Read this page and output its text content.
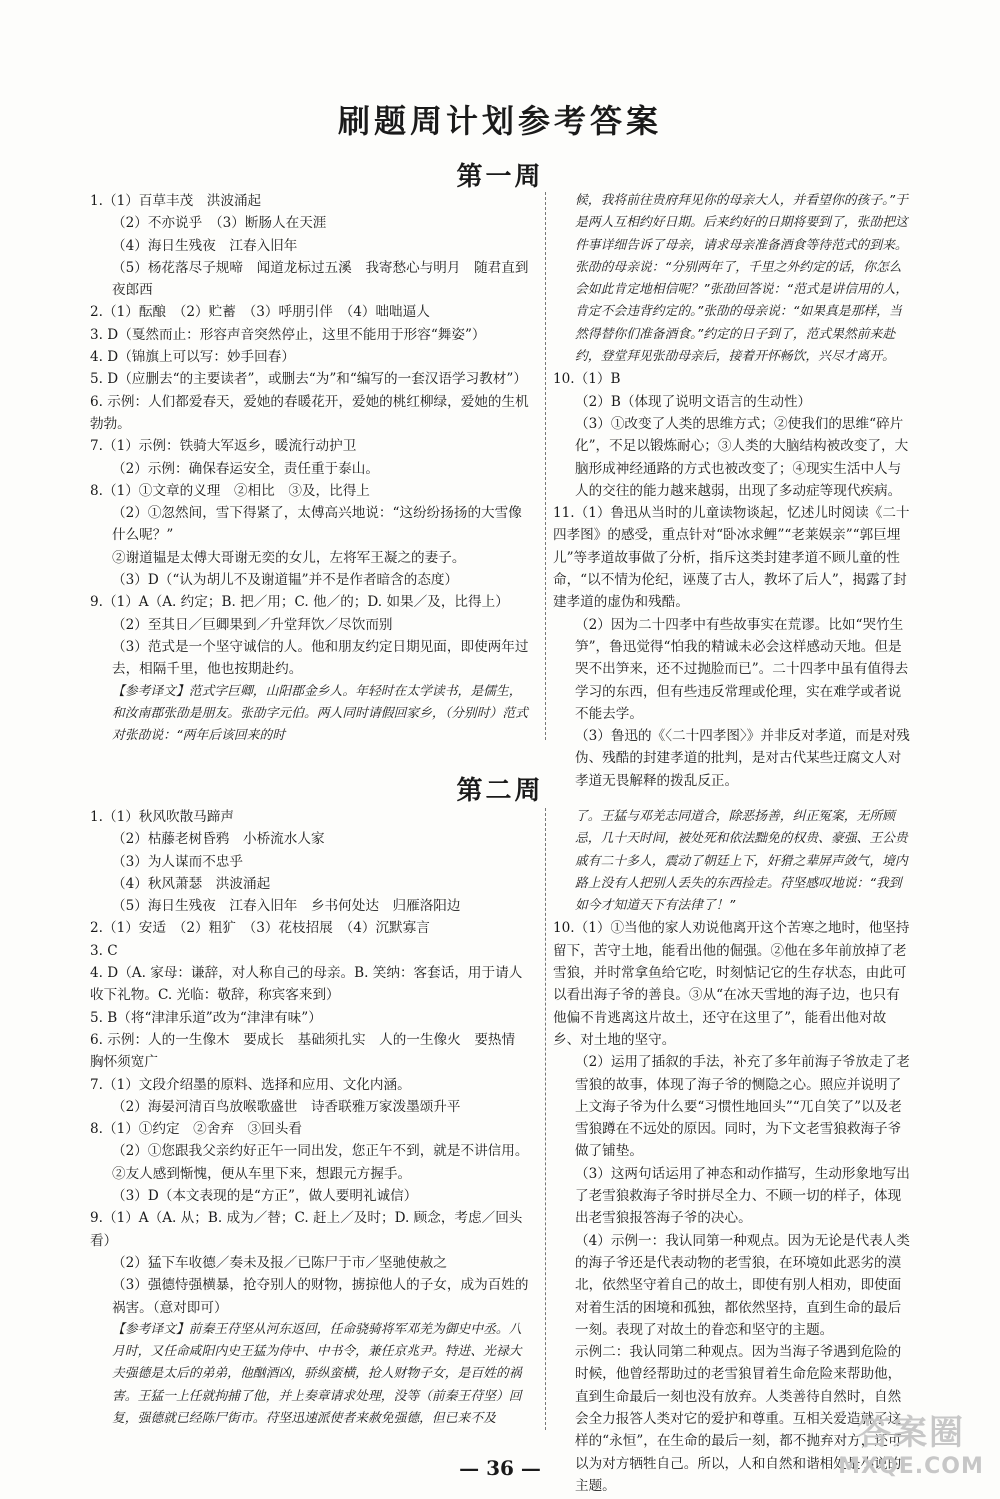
刷题周计划参考答案
第一周

1.（1）百草丰茂　洪波涌起

（2）不亦说乎　（3）断肠人在天涯

（4）海日生残夜　江春入旧年

（5）杨花落尽子规啼　闻道龙标过五溪　我寄愁心与明月　随君直到夜郎西

2.（1）酝酿　（2）贮蓄　（3）呼朋引伴　（4）咄咄逼人

3. D（戛然而止：形容声音突然停止，这里不能用于形容“舞姿”）

4. D（锦旗上可以写：妙手回春）

5. D（应删去“的主要读者”，或删去“为”和“编写的一套汉语学习教材”）

6. 示例：人们都爱春天，爱她的春暖花开，爱她的桃红柳绿，爱她的生机勃勃。

7.（1）示例：铁骑大军返乡，暖流行动护卫

（2）示例：确保春运安全，责任重于泰山。

8.（1）①文章的义理　②相比　③及，比得上

（2）①忽然间，雪下得紧了，太傅高兴地说：“这纷纷扬扬的大雪像什么呢？”

②谢道韫是太傅大哥谢无奕的女儿，左将军王凝之的妻子。

（3）D（“认为胡儿不及谢道韫”并不是作者暗含的态度）

9.（1）A（A. 约定；B. 把／用；C. 他／的；D. 如果／及，比得上）

（2）至其日／巨卿果到／升堂拜饮／尽饮而别

（3）范式是一个坚守诚信的人。他和朋友约定日期见面，即使两年过去，相隔千里，他也按期赴约。

【参考译文】范式字巨卿，山阳郡金乡人。年轻时在太学读书，是儒生，和汝南郡张劭是朋友。张劭字元伯。两人同时请假回家乡，（分别时）范式对张劭说：“两年后该回来的时

候，我将前往贵府拜见你的母亲大人，并看望你的孩子。”于是两人互相约好日期。后来约好的日期将要到了，张劭把这件事详细告诉了母亲，请求母亲准备酒食等待范式的到来。张劭的母亲说：“分别两年了，千里之外约定的话，你怎么会如此肯定地相信呢？”张劭回答说：“范式是讲信用的人，肯定不会违背约定的。”张劭的母亲说：“如果真是那样，当然得替你们准备酒食。”约定的日子到了，范式果然前来赴约，登堂拜见张劭母亲后，接着开怀畅饮，兴尽才离开。

10.（1）B

（2）B（体现了说明文语言的生动性）

（3）①改变了人类的思维方式；②使我们的思维“碎片化”，不足以锻炼耐心；③人类的大脑结构被改变了，大脑形成神经通路的方式也被改变了；④现实生活中人与人的交往的能力越来越弱，出现了多动症等现代疾病。

11.（1）鲁迅从当时的儿童读物谈起，忆述儿时阅读《二十四孝图》的感受，重点针对“卧冰求鲤”“老莱娱亲”“郭巨埋儿”等孝道故事做了分析，指斥这类封建孝道不顾儿童的性命，“以不情为伦纪，诬蔑了古人，教坏了后人”，揭露了封建孝道的虚伪和残酷。

（2）因为二十四孝中有些故事实在荒谬。比如“哭竹生笋”，鲁迅觉得“怕我的精诚未必会这样感动天地。但是哭不出笋来，还不过抛脸而已”。二十四孝中虽有值得去学习的东西，但有些违反常理或伦理，实在难学或者说不能去学。

（3）鲁迅的《〈二十四孝图〉》并非反对孝道，而是对残伪、残酷的封建孝道的批判，是对古代某些迂腐文人对孝道无畏解释的拨乱反正。

第二周

1.（1）秋风吹散马蹄声

（2）枯藤老树昏鸦　小桥流水人家

（3）为人谋而不忠乎

（4）秋风萧瑟　洪波涌起

（5）海日生残夜　江春入旧年　乡书何处达　归雁洛阳边

2.（1）安适　（2）粗犷　（3）花枝招展　（4）沉默寡言

3. C

4. D（A. 家母：谦辞，对人称自己的母亲。B. 笑纳：客套话，用于请人收下礼物。C. 光临：敬辞，称宾客来到）

5. B（将“津津乐道”改为“津津有味”）

6. 示例：人的一生像木　要成长　基础须扎实　人的一生像火　要热情　胸怀须宽广

7.（1）文段介绍墨的原料、选择和应用、文化内涵。

（2）海晏河清百鸟放喉歌盛世　诗香联雅万家泼墨颂升平

8.（1）①约定　②舍弃　③回头看

（2）①您跟我父亲约好正午一同出发，您正午不到，就是不讲信用。②友人感到惭愧，便从车里下来，想跟元方握手。

（3）D（本文表现的是“方正”，做人要明礼诚信）

9.（1）A（A. 从；B. 成为／替；C. 赶上／及时；D. 顾念，考虑／回头看）

（2）猛下车收德／奏未及报／已陈尸于市／坚驰使赦之

（3）强德恃强横暴，抢夺别人的财物，掳掠他人的子女，成为百姓的祸害。（意对即可）

【参考译文】前秦王苻坚从河东返回，任命骁骑将军邓羌为御史中丞。八月时，又任命咸阳内史王猛为侍中、中书令，兼任京兆尹。特进、光禄大夫强德是太后的弟弟，他酗酒凶，骄纵蛮横，抢人财物子女，是百姓的祸害。王猛一上任就拘捕了他，并上奏章请求处理，没等（前秦王苻坚）回复，强德就已经陈尸街市。苻坚迅速派使者来赦免强德，但已来不及

了。王猛与邓羌志同道合，除恶扬善，纠正冤案，无所顾忌，几十天时间，被处死和依法黜免的权贵、豪强、王公贵戚有二十多人，震动了朝廷上下，奸猾之辈屏声敛气，境内路上没有人把别人丢失的东西捡走。苻坚感叹地说：“我到如今才知道天下有法律了！”

10.（1）①当他的家人劝说他离开这个苦寒之地时，他坚持留下，苦守土地，能看出他的倔强。②他在多年前放掉了老雪狼，并时常拿鱼给它吃，时刻惦记它的生存状态，由此可以看出海子爷的善良。③从“在冰天雪地的海子边，也只有他偏不肯逃离这片故土，还守在这里了”，能看出他对故乡、对土地的坚守。

（2）运用了插叙的手法，补充了多年前海子爷放走了老雪狼的故事，体现了海子爷的恻隐之心。照应并说明了上文海子爷为什么要“习惯性地回头”“兀自笑了”以及老雪狼蹲在不远处的原因。同时，为下文老雪狼救海子爷做了铺垫。

（3）这两句话运用了神态和动作描写，生动形象地写出了老雪狼救海子爷时拼尽全力、不顾一切的样子，体现出老雪狼报答海子爷的决心。

（4）示例一：我认同第一种观点。因为无论是代表人类的海子爷还是代表动物的老雪狼，在环境如此恶劣的漠北，依然坚守着自己的故土，即使有别人相劝，即使面对着生活的困境和孤独，都依然坚持，直到生命的最后一刻。表现了对故土的眷恋和坚守的主题。

示例二：我认同第二种观点。因为当海子爷遇到危险的时候，他曾经帮助过的老雪狼冒着生命危险来帮助他，直到生命最后一刻也没有放弃。人类善待自然时，自然会全力报答人类对它的爱护和尊重。互相关爱造就了这样的“永恒”，在生命的最后一刻，都不抛弃对方，还可以为对方牺牲自己。所以，人和自然和谐相处是小说的主题。

— 36 —
答案圈
MXQE.COM
